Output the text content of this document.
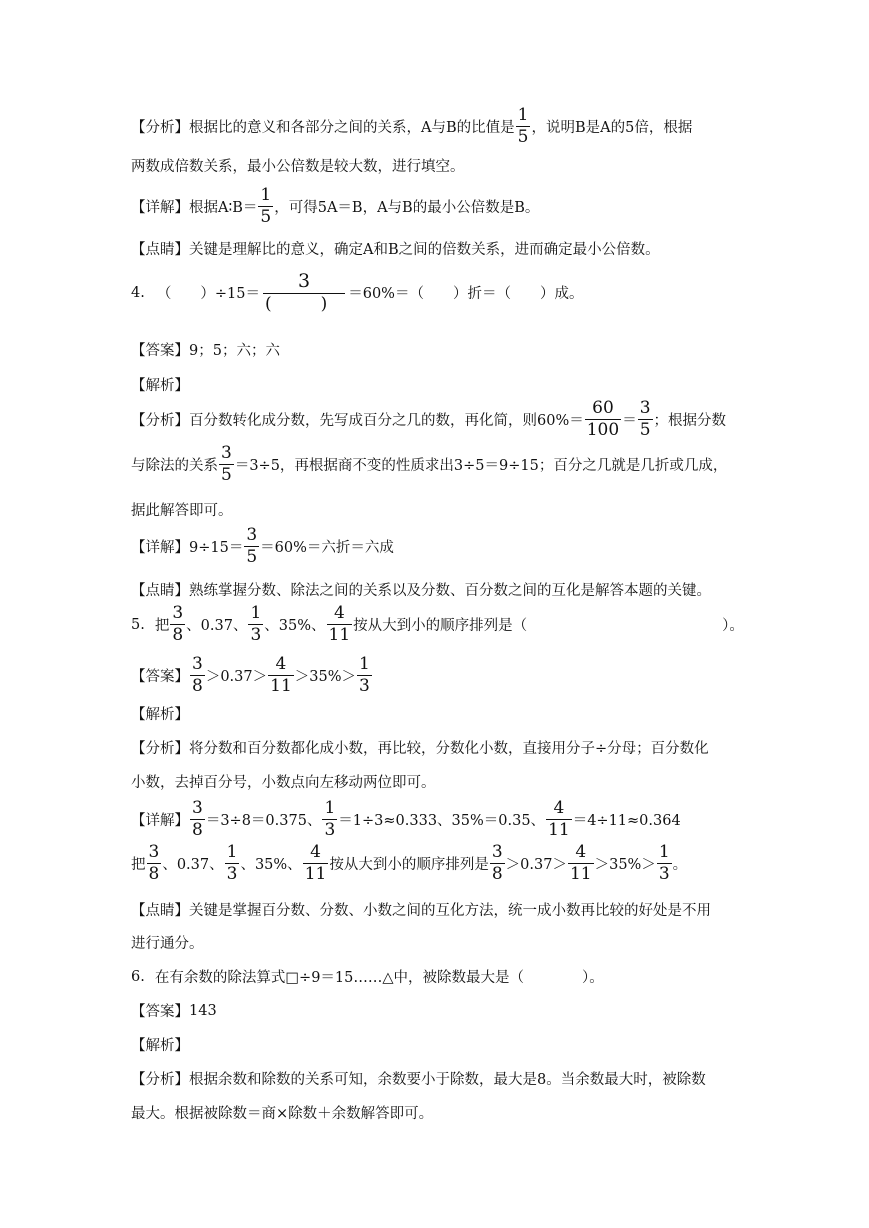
【分析】 根据比的意义和各部分之间的关系，A与B的比值是 $\frac{1}{5}$ ，说明B是A的5倍，根据
两数成倍数关系，最小公倍数是较大数，进行填空。
【详解】 根据A∶B＝ $\frac{1}{5}$ ，可得5A＝B，A与B的最小公倍数是B。
【点睛】 关键是理解比的意义，确定A和B之间的倍数关系，进而确定最小公倍数。
4. （　　）$\div 15= \frac{3}{( )} =60\%=$（　　）折＝（　　）成。
【答案】 9；5；六；六
【解析】
【分析】 百分数转化成分数，先写成百分之几的数，再化简，则$60\%= \frac{60}{100} = \frac{3}{5}$ ；根据分数
与除法的关系 $\frac{3}{5} =3\div 5$，再根据商不变的性质求出3÷5＝9÷15；百分之几就是几折或几成，
据此解答即可。
【详解】 $9\div 15= \frac{3}{5} =60\%=$六折＝六成
【点睛】 熟练掌握分数、除法之间的关系以及分数、百分数之间的互化是解答本题的关键。
5. 把 $\frac{3}{8}$ 、0.37、 $\frac{1}{3}$ 、35%、 $\frac{4}{11}$ 按从大到小的顺序排列是（	）。
【答案】 $\frac{3}{8} >0.37> \frac{4}{11} >35\%> \frac{1}{3}$
【解析】
【分析】 将分数和百分数都化成小数，再比较，分数化小数，直接用分子÷分母；百分数化
小数，去掉百分号，小数点向左移动两位即可。
【详解】 $\frac{3}{8} =3\div 8=0.375$、 $\frac{1}{3} =1\div 3\approx 0.333$、35%＝0.35、 $\frac{4}{11} =4\div 11\approx 0.364$
把 $\frac{3}{8}$ 、0.37、 $\frac{1}{3}$ 、35%、 $\frac{4}{11}$ 按从大到小的顺序排列是 $\frac{3}{8} >0.37> \frac{4}{11} >35\%> \frac{1}{3}$ 。
【点睛】 关键是掌握百分数、分数、小数之间的互化方法，统一成小数再比较的好处是不用
进行通分。
6. 在有余数的除法算式□÷9＝15……△中，被除数最大是（　　　　）。
【答案】 143
【解析】
【分析】 根据余数和除数的关系可知，余数要小于除数，最大是8。当余数最大时，被除数
最大。根据被除数＝商×除数＋余数解答即可。
